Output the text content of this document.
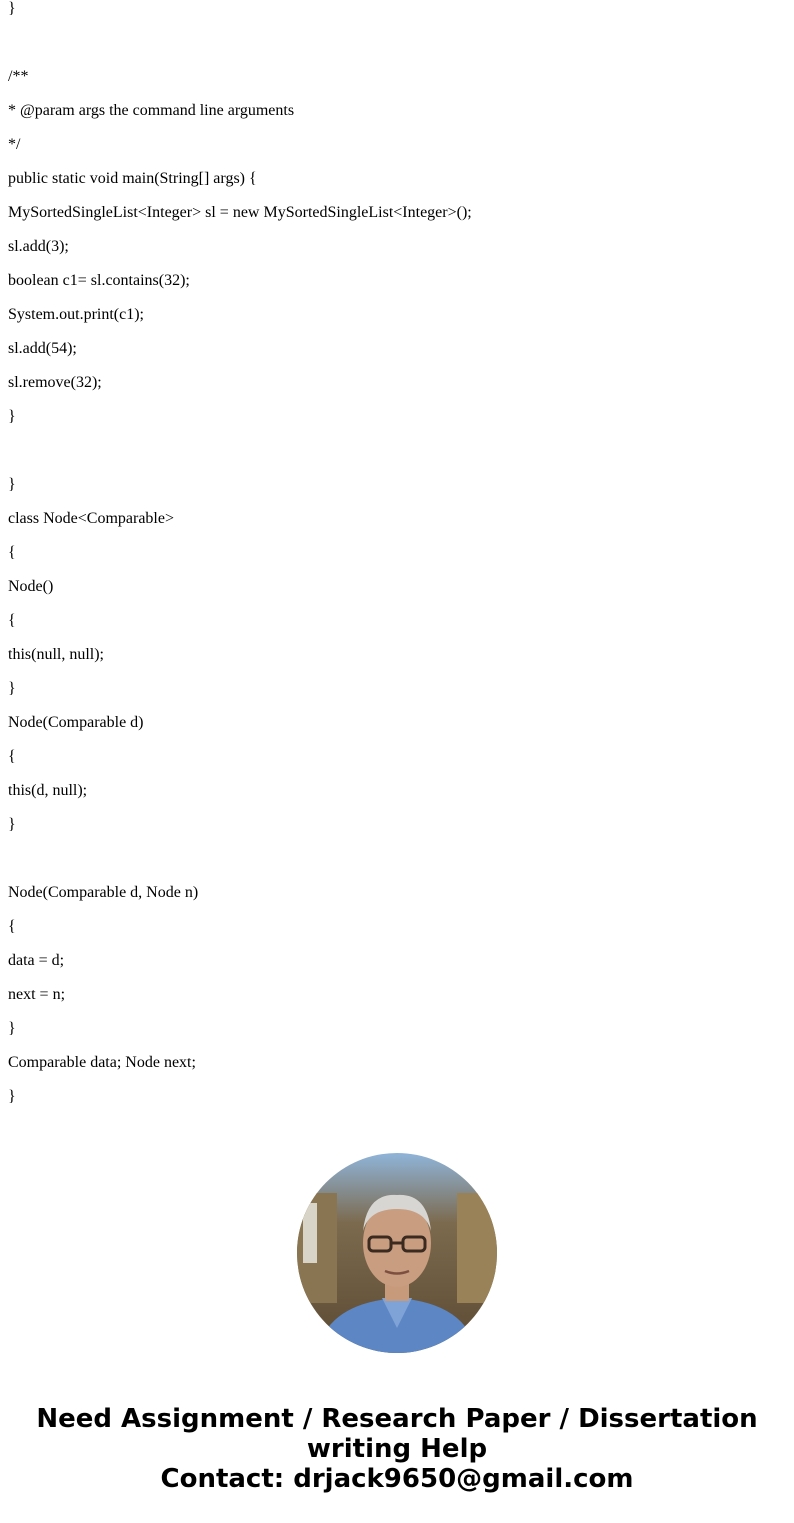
}
/**
* @param args the command line arguments
*/
public static void main(String[] args) {
MySortedSingleList<Integer> sl = new MySortedSingleList<Integer>();
sl.add(3);
boolean c1= sl.contains(32);
System.out.print(c1);
sl.add(54);
sl.remove(32);
}
}
class Node<Comparable>
{
Node()
{
this(null, null);
}
Node(Comparable d)
{
this(d, null);
}
Node(Comparable d, Node n)
{
data = d;
next = n;
}
Comparable data; Node next;
}
Need Assignment / Research Paper / Dissertation
writing Help
Contact: drjack9650@gmail.com
